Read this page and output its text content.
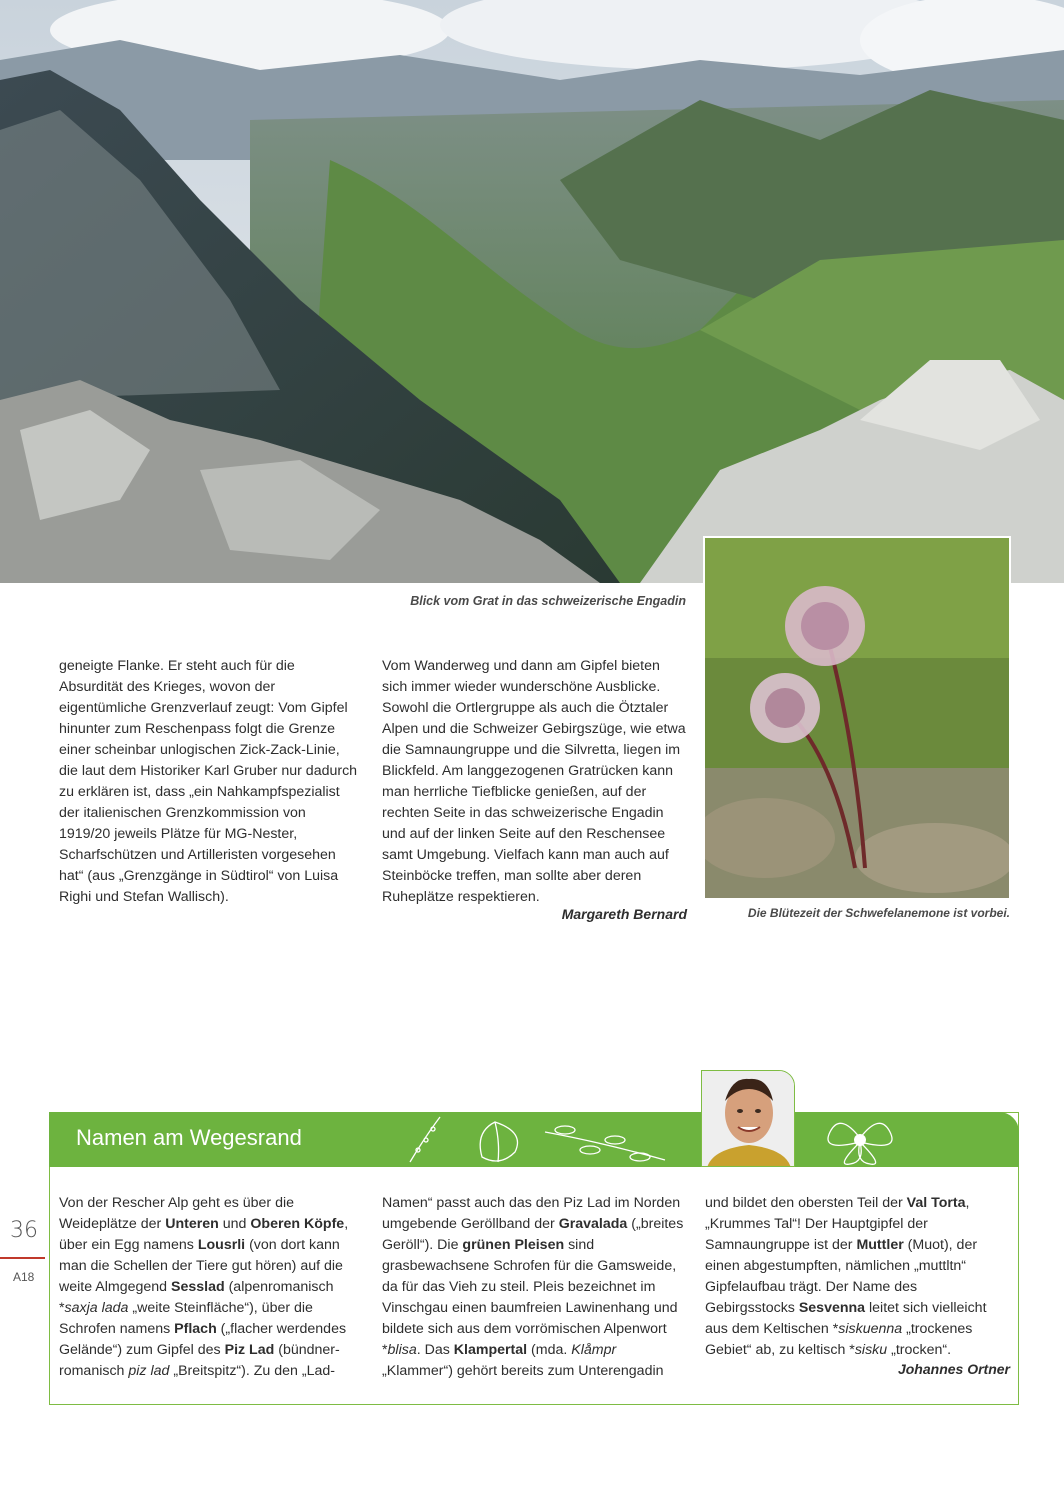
Blick vom Grat in das schweizerische Engadin
Die Blütezeit der Schwefelanemone ist vorbei.

geneigte Flanke. Er steht auch für die Absurdität des Krieges, wovon der eigentümliche Grenzverlauf zeugt: Vom Gipfel hinunter zum Reschenpass folgt die Grenze einer scheinbar unlogischen Zick-Zack-Linie, die laut dem Historiker Karl Gruber nur dadurch zu erklären ist, dass „ein Nahkampfspezialist der italienischen Grenzkommission von 1919/20 jeweils Plätze für MG-Nester, Scharfschützen und Artilleristen vorgesehen hat“ (aus „Grenzgänge in Südtirol“ von Luisa Righi und Stefan Wallisch).

Vom Wanderweg und dann am Gipfel bieten sich immer wieder wunderschöne Ausblicke. Sowohl die Ortlergruppe als auch die Ötztaler Alpen und die Schweizer Gebirgszüge, wie etwa die Samnaungruppe und die Silvretta, liegen im Blickfeld. Am langgezogenen Gratrücken kann man herrliche Tiefblicke genießen, auf der rechten Seite in das schweizerische Engadin und auf der linken Seite auf den Reschensee samt Umgebung. Vielfach kann man auch auf Steinböcke treffen, man sollte aber deren Ruheplätze respektieren.

Margareth Bernard
36
A18
Namen am Wegesrand

Von der Rescher Alp geht es über die Weideplätze der Unteren und Oberen Köpfe, über ein Egg namens Lousrli (von dort kann man die Schellen der Tiere gut hören) auf die weite Almgegend Sesslad (alpenromanisch *saxja lada „weite Steinfläche“), über die Schrofen namens Pflach („flacher werdendes Gelände“) zum Gipfel des Piz Lad (bündnerromanisch piz lad „Breitspitz“). Zu den „Lad-

Namen“ passt auch das den Piz Lad im Norden umgebende Geröllband der Gravalada („breites Geröll“). Die grünen Pleisen sind grasbewachsene Schrofen für die Gamsweide, da für das Vieh zu steil. Pleis bezeichnet im Vinschgau einen baumfreien Lawinenhang und bildete sich aus dem vorrömischen Alpenwort *blisa. Das Klampertal (mda. Klåmpr „Klammer“) gehört bereits zum Unterengadin

und bildet den obersten Teil der Val Torta, „Krummes Tal“! Der Hauptgipfel der Samnaungruppe ist der Muttler (Muot), der einen abgestumpften, nämlichen „muttltn“ Gipfelaufbau trägt. Der Name des Gebirgsstocks Sesvenna leitet sich vielleicht aus dem Keltischen *siskuenna „trockenes Gebiet“ ab, zu keltisch *sisku „trocken“.

Johannes Ortner
